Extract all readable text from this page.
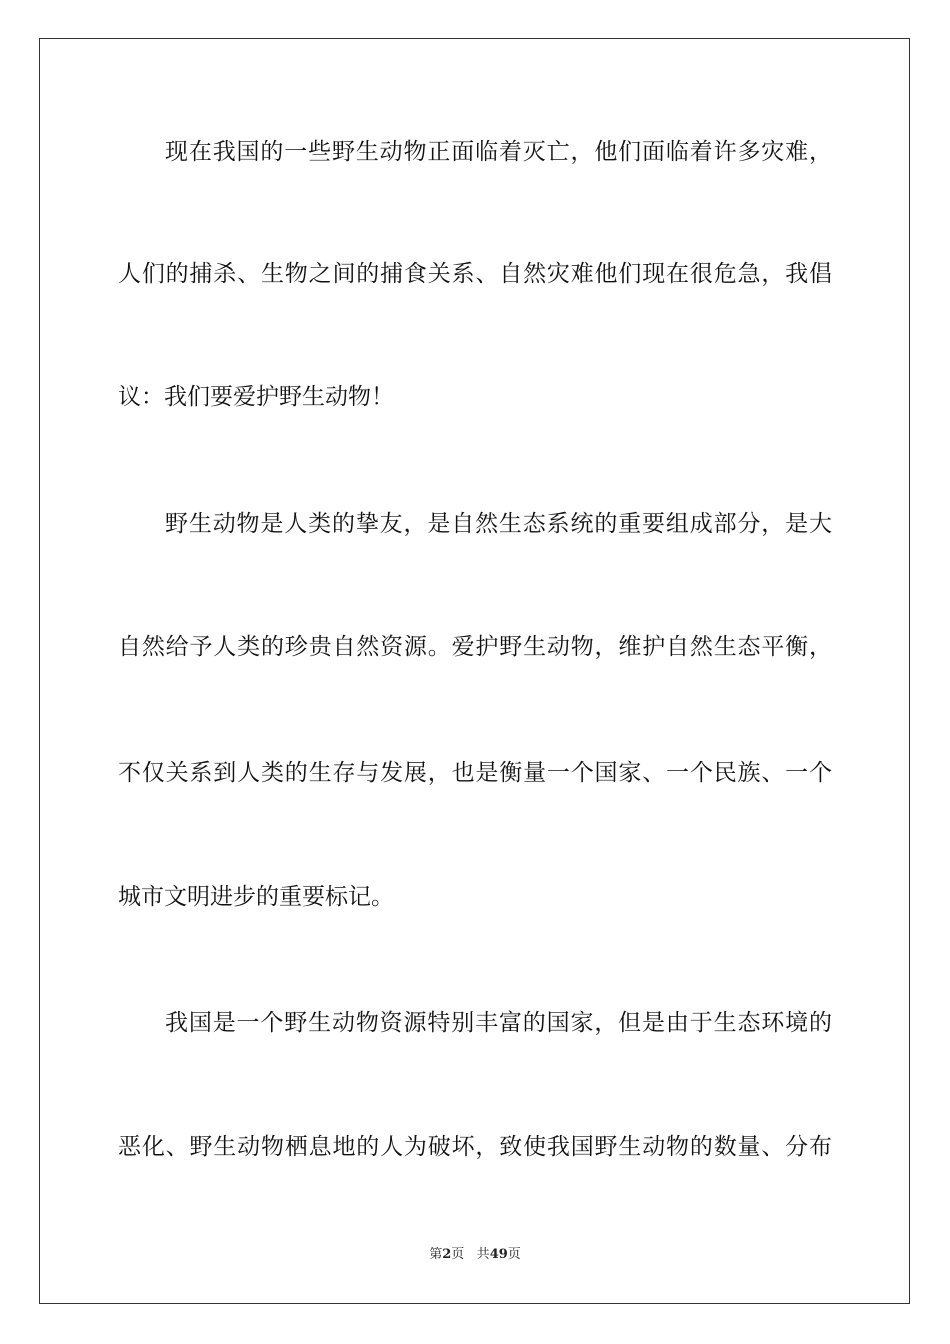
现在我国的一些野生动物正面临着灭亡，他们面临着许多灾难，
人们的捕杀、生物之间的捕食关系、自然灾难他们现在很危急，我倡
议：我们要爱护野生动物！
野生动物是人类的挚友，是自然生态系统的重要组成部分，是大
自然给予人类的珍贵自然资源。爱护野生动物，维护自然生态平衡，
不仅关系到人类的生存与发展，也是衡量一个国家、一个民族、一个
城市文明进步的重要标记。
我国是一个野生动物资源特别丰富的国家，但是由于生态环境的
恶化、野生动物栖息地的人为破坏，致使我国野生动物的数量、分布
第2页 共49页
